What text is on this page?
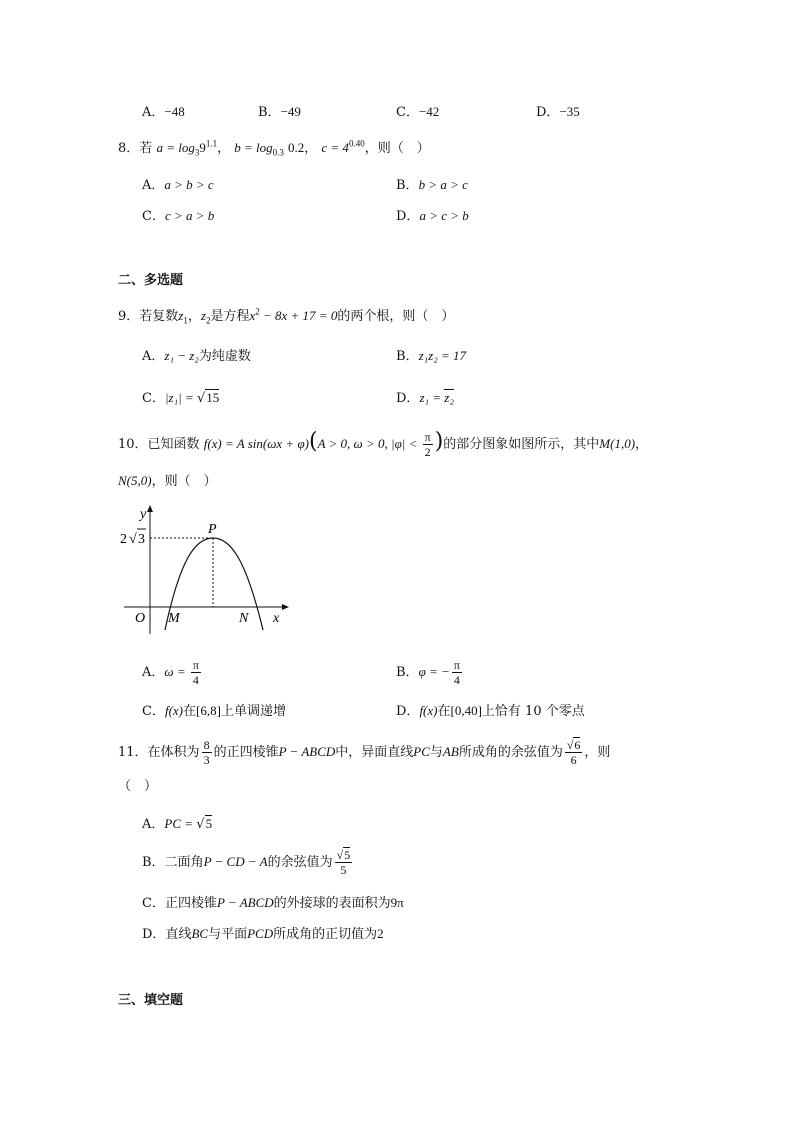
A．−48	B．−49	C．−42	D．−35
8．若 $a = \log_39^{1.1}$， $b = \log_{0.3} 0.2$， $c = 4^{0.40}$，则（　）
A．a > b > c	B．b > a > c
C．c > a > b	D．a > c > b
二、多选题
9．若复数$z_1$，$z_2$是方程$x^2 - 8x + 17 = 0$的两个根，则（　）
A．z₁ − z₂为纯虚数	B．z₁z₂ = 17
C．|z₁| = √15	D．z₁ = z₂
10．已知函数 f(x) = A sin(ωx + φ)(A > 0, ω > 0, $|\varphi| < \frac{\pi}{2}$ )的部分图象如图所示，其中M(1,0)，
N(5,0)，则（　）
y
x
O M	N
P
2 √ 3
A．$\omega = \frac{\pi}{4}$	B．φ = − $\frac{\pi}{4}$
C．f(x)在[6,8]上单调递增	D．f(x)在[0,40]上恰有 10 个零点
11．在体积为 $\frac{8}{3}$ 的正四棱锥P − ABCD中，异面直线PC与AB所成角的余弦值为 $\frac{√6}{6}$ ，则
（　）
A．PC = √5
B．二面角P − CD − A的余弦值为 $\frac{√5}{5}$
C．正四棱锥P − ABCD的外接球的表面积为9π
D．直线BC与平面PCD所成角的正切值为2
三、填空题
